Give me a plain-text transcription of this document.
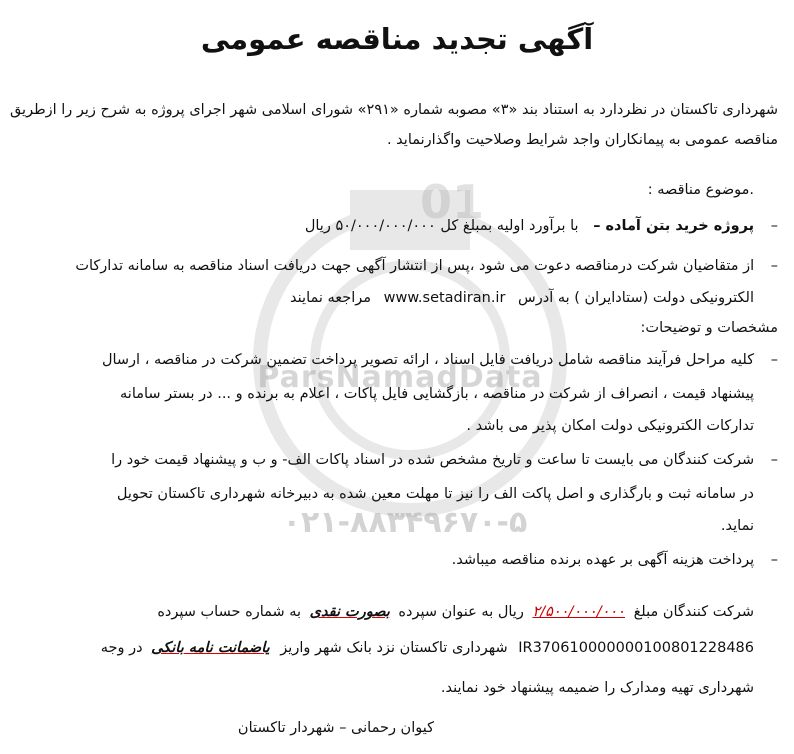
01
ParsNamadData
۰۲۱-۸۸۳۴۹۶۷۰-۵
آگهی تجدید مناقصه عمومی
شهرداری تاکستان در نظردارد به استناد بند «۳» مصوبه شماره «۲۹۱» شورای اسلامی شهر اجرای پروژه به شرح زیر را ازطریق
مناقصه عمومی به پیمانکاران واجد شرایط وصلاحیت واگذارنماید .
.موضوع مناقصه :
– پروژه خرید بتن آماده – با برآورد اولیه بمبلغ کل ۵۰/۰۰۰/۰۰۰/۰۰۰ ریال
– از متقاضیان شرکت درمناقصه دعوت می شود ،پس از انتشار آگهی جهت دریافت اسناد مناقصه به سامانه تدارکات
الکترونیکی دولت (ستادایران ) به آدرس www.setadiran.ir مراجعه نمایند
مشخصات و توضیحات:
– کلیه مراحل فرآیند مناقصه شامل دریافت فایل اسناد ، ارائه تصویر پرداخت تضمین شرکت در مناقصه ، ارسال
پیشنهاد قیمت ، انصراف از شرکت در مناقصه ، بازگشایی فایل پاکات ، اعلام به برنده و ... در بستر سامانه
تدارکات الکترونیکی دولت امکان پذیر می باشد .
– شرکت کنندگان می بایست تا ساعت و تاریخ مشخص شده در اسناد پاکات الف- و ب و پیشنهاد قیمت خود را
در سامانه ثبت و بارگذاری و اصل پاکت الف را نیز تا مهلت معین شده به دبیرخانه شهرداری تاکستان تحویل
نماید.
– پرداخت هزینه آگهی بر عهده برنده مناقصه میباشد.
شرکت کنندگان مبلغ ۲/۵۰۰/۰۰۰/۰۰۰ ریال به عنوان سپرده بصورت نقدی به شماره حساب سپرده
IR370610000000100801228486 شهرداری تاکستان نزد بانک شهر واریز یاضمانت نامه بانکی در وجه
شهرداری تهیه ومدارک را ضمیمه پیشنهاد خود نمایند.
کیوان رحمانی – شهردار تاکستان
